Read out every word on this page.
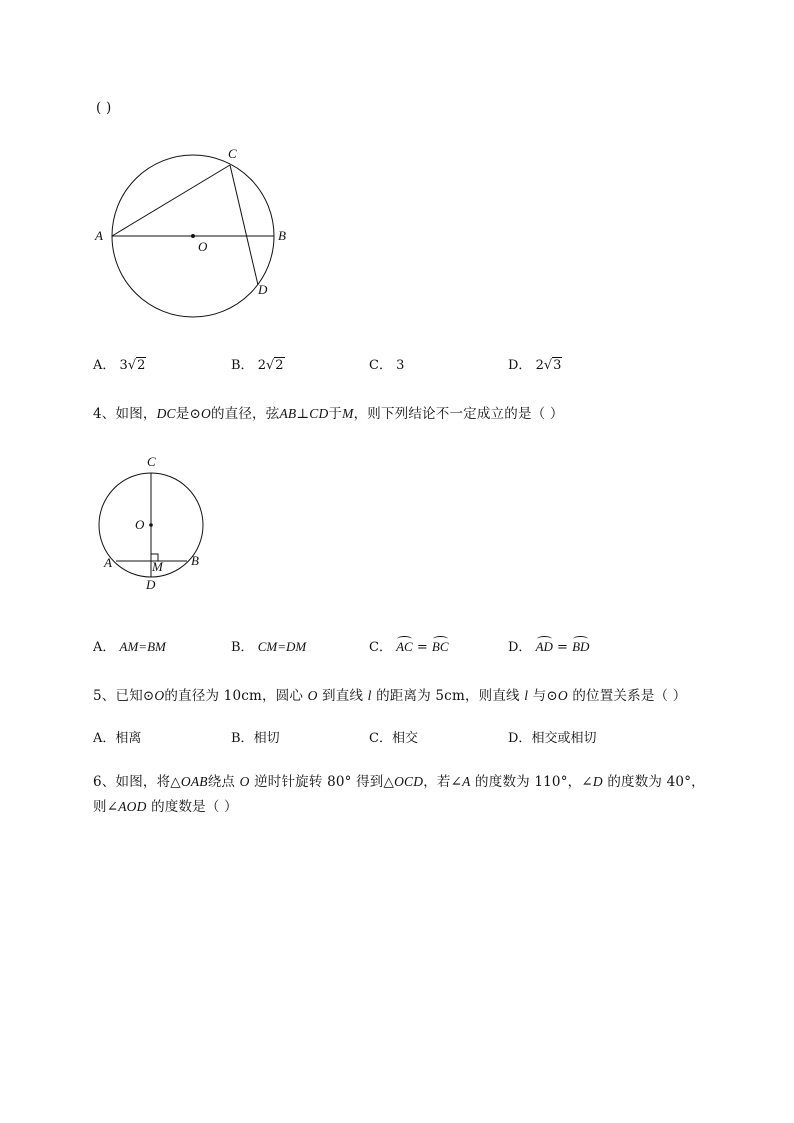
( )
A	B
C
D
O
A． 3√2	B． 2√2	C． 3	D． 2√3
4、如图，DC是⊙O的直径，弦AB⊥CD于M，则下列结论不一定成立的是（ ）
C
O
A	B
M
D
A． AM=BM	B． CM=DM	C． AC = BC	D． AD = BD
5、已知⊙O的直径为 10cm，圆心 O 到直线 l 的距离为 5cm，则直线 l 与⊙O 的位置关系是（ ）
A．相离	B．相切	C．相交	D．相交或相切
6、如图，将△OAB绕点 O 逆时针旋转 80° 得到△OCD，若∠A 的度数为 110°，∠D 的度数为 40°，
则∠AOD 的度数是（ ）
